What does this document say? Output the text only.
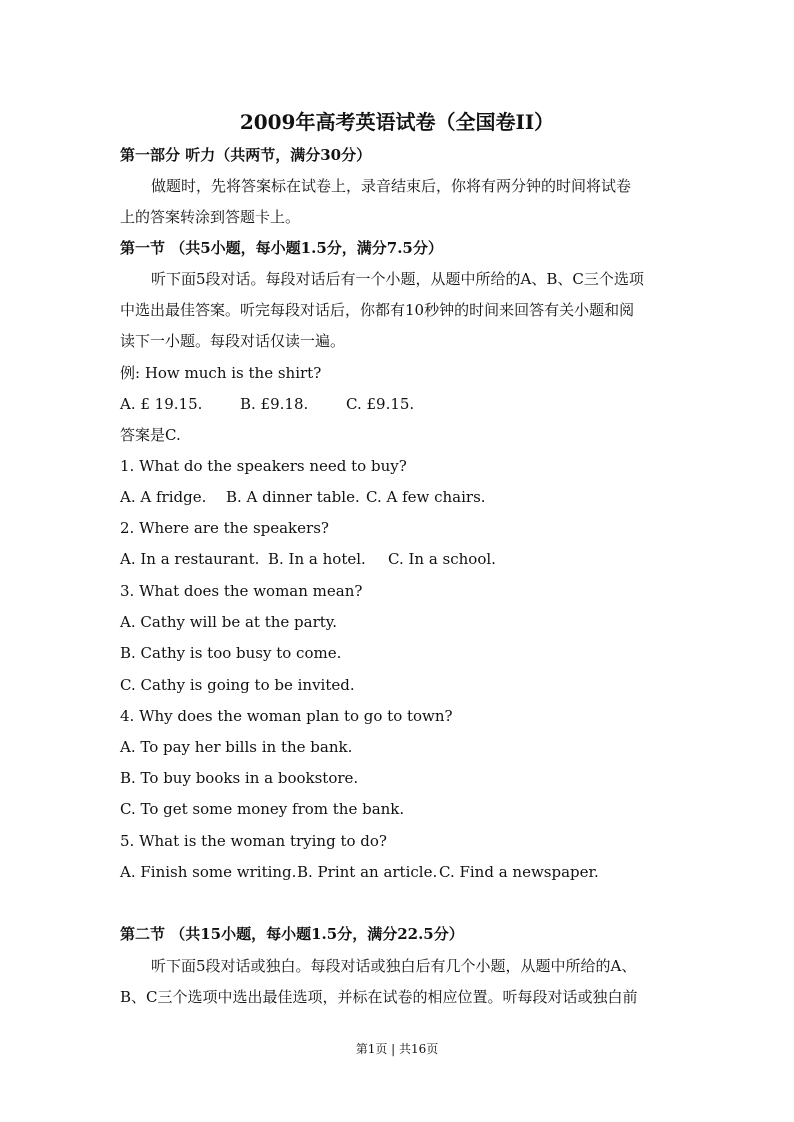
2009年高考英语试卷（全国卷II）
第一部分 听力（共两节，满分30分）
做题时，先将答案标在试卷上，录音结束后，你将有两分钟的时间将试卷
上的答案转涂到答题卡上。
第一节 （共5小题，每小题1.5分，满分7.5分）
听下面5段对话。每段对话后有一个小题，从题中所给的A、B、C三个选项
中选出最佳答案。听完每段对话后，你都有10秒钟的时间来回答有关小题和阅
读下一小题。每段对话仅读一遍。
例: How much is the shirt?
A. £ 19.15.	B. £9.18.	C. £9.15.
答案是C.
1. What do the speakers need to buy?
A. A fridge. B. A dinner table. C. A few chairs.
2. Where are the speakers?
A. In a restaurant. B. In a hotel. C. In a school.
3. What does the woman mean?
A. Cathy will be at the party.
B. Cathy is too busy to come.
C. Cathy is going to be invited.
4. Why does the woman plan to go to town?
A. To pay her bills in the bank.
B. To buy books in a bookstore.
C. To get some money from the bank.
5. What is the woman trying to do?
A. Finish some writing.B. Print an article. C. Find a newspaper.
第二节 （共15小题，每小题1.5分，满分22.5分）
听下面5段对话或独白。每段对话或独白后有几个小题，从题中所给的A、
B、C三个选项中选出最佳选项，并标在试卷的相应位置。听每段对话或独白前
第1页 | 共16页
